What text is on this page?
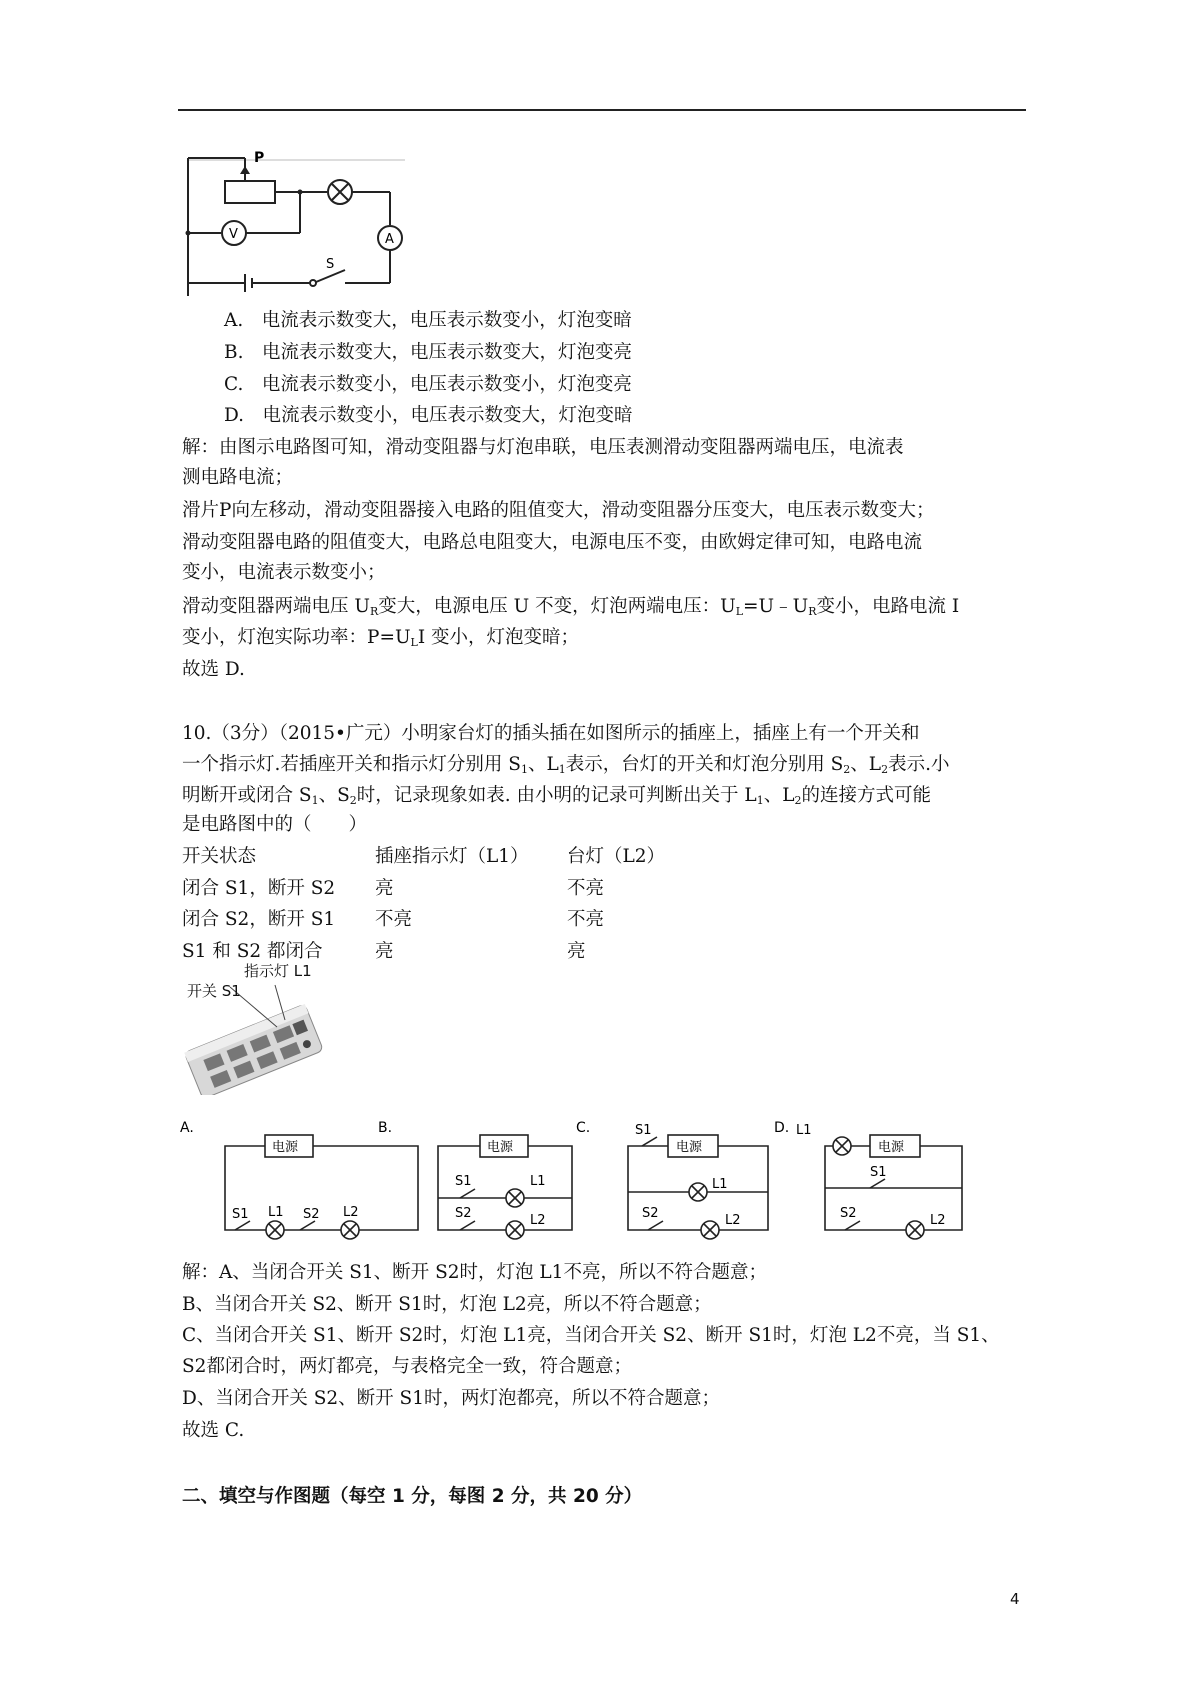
P
V	A
S
A.　电流表示数变大，电压表示数变小，灯泡变暗
B.　电流表示数变大，电压表示数变大，灯泡变亮
C.　电流表示数变小，电压表示数变小，灯泡变亮
D.　电流表示数变小，电压表示数变大，灯泡变暗
解：由图示电路图可知，滑动变阻器与灯泡串联，电压表测滑动变阻器两端电压，电流表
测电路电流；
滑片P向左移动，滑动变阻器接入电路的阻值变大，滑动变阻器分压变大，电压表示数变大；
滑动变阻器电路的阻值变大，电路总电阻变大，电源电压不变，由欧姆定律可知，电路电流
变小，电流表示数变小；
滑动变阻器两端电压 $U_R$变大，电源电压 U 不变，灯泡两端电压：$U_L=U﹣U_R$变小，电路电流 I
变小，灯泡实际功率：$P=U_LI$ 变小，灯泡变暗；
故选 D.
10.（3分）（2015•广元）小明家台灯的插头插在如图所示的插座上，插座上有一个开关和
一个指示灯.若插座开关和指示灯分别用 $S_1$、$L_1$表示，台灯的开关和灯泡分别用 $S_2$、$L_2$表示.小
明断开或闭合 $S_1$、$S_2$时，记录现象如表. 由小明的记录可判断出关于 $L_1$、$L_2$的连接方式可能
是电路图中的（　　）
开关状态	插座指示灯（L1） 台灯（L2）
闭合 S1，断开 S2 亮	不亮
闭合 S2，断开 S1 不亮	不亮
S1 和 S2 都闭合	亮	亮
开关 S1
指示灯 L1
A.	B.	C.	D.
电源	电源	电源	电源
S1 L1 S2 L2
S1	L1
S2	L2
S1
L1
S2	L2
L1
S1
S2	L2
解：A、当闭合开关 S1、断开 S2时，灯泡 L1不亮，所以不符合题意；
B、当闭合开关 S2、断开 S1时，灯泡 L2亮，所以不符合题意；
C、当闭合开关 S1、断开 S2时，灯泡 L1亮，当闭合开关 S2、断开 S1时，灯泡 L2不亮，当 S1、
S2都闭合时，两灯都亮，与表格完全一致，符合题意；
D、当闭合开关 S2、断开 S1时，两灯泡都亮，所以不符合题意；
故选 C.
二、填空与作图题（每空 1 分，每图 2 分，共 20 分）
4
